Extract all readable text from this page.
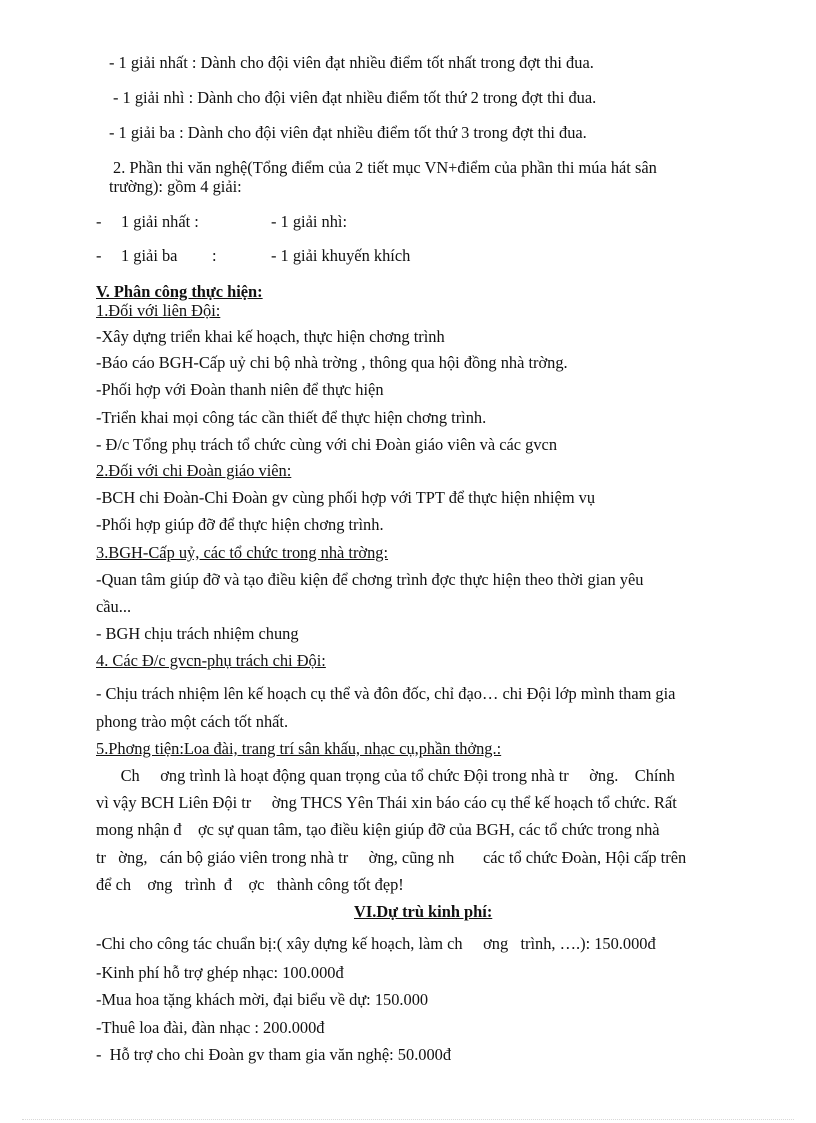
- 1 giải nhất : Dành cho đội viên đạt nhiều điểm tốt nhất trong đợt thi đua.
- 1 giải nhì : Dành cho đội viên đạt nhiều điểm tốt thứ 2 trong đợt thi đua.
- 1 giải ba : Dành cho đội viên đạt nhiều điểm tốt thứ 3 trong đợt thi đua.
2. Phần thi văn nghệ(Tổng điểm của 2 tiết mục VN+điểm của phần thi múa hát sân
trường): gồm 4 giải:
- 1 giải nhất :	- 1 giải nhì:
- 1 giải ba :	- 1 giải khuyến khích
V. Phân công thực hiện:
1.Đối với liên Đội:
-Xây dựng triển khai kế hoạch, thực hiện chơng trình
-Báo cáo BGH-Cấp uỷ chi bộ nhà trờng , thông qua hội đồng nhà trờng.
-Phối hợp với Đoàn thanh niên để thực hiện
-Triển khai mọi công tác cần thiết để thực hiện chơng trình.
- Đ/c Tổng phụ trách tổ chức cùng với chi Đoàn giáo viên và các gvcn
2.Đối với chi Đoàn giáo viên:
-BCH chi Đoàn-Chi Đoàn gv cùng phối hợp với TPT để thực hiện nhiệm vụ
-Phối hợp giúp đỡ để thực hiện chơng trình.
3.BGH-Cấp uỷ, các tổ chức trong nhà trờng:
-Quan tâm giúp đỡ và tạo điều kiện để chơng trình đợc thực hiện theo thời gian yêu
cầu...
- BGH chịu trách nhiệm chung
4. Các Đ/c gvcn-phụ trách chi Đội:
- Chịu trách nhiệm lên kế hoạch cụ thể và đôn đốc, chỉ đạo… chi Đội lớp mình tham gia
phong trào một cách tốt nhất.
5.Phơng tiện:Loa đài, trang trí sân khấu, nhạc cụ,phần thởng.:
Ch     ơng trình là hoạt động quan trọng của tổ chức Đội trong nhà tr     ờng.    Chính
vì vậy BCH Liên Đội tr     ờng THCS Yên Thái xin báo cáo cụ thể kế hoạch tổ chức. Rất
mong nhận đ    ợc sự quan tâm, tạo điều kiện giúp đỡ của BGH, các tổ chức trong nhà
tr   ờng,   cán bộ giáo viên trong nhà tr     ờng, cũng nh       các tổ chức Đoàn, Hội cấp trên
để ch    ơng   trình  đ    ợc   thành công tốt đẹp!
VI.Dự trù kinh phí:
-Chi cho công tác chuẩn bị:( xây dựng kế hoạch, làm ch     ơng   trình, ….): 150.000đ
-Kinh phí hỗ trợ ghép nhạc: 100.000đ
-Mua hoa tặng khách mời, đại biểu về dự: 150.000
-Thuê loa đài, đàn nhạc : 200.000đ
-  Hỗ trợ cho chi Đoàn gv tham gia văn nghệ: 50.000đ
